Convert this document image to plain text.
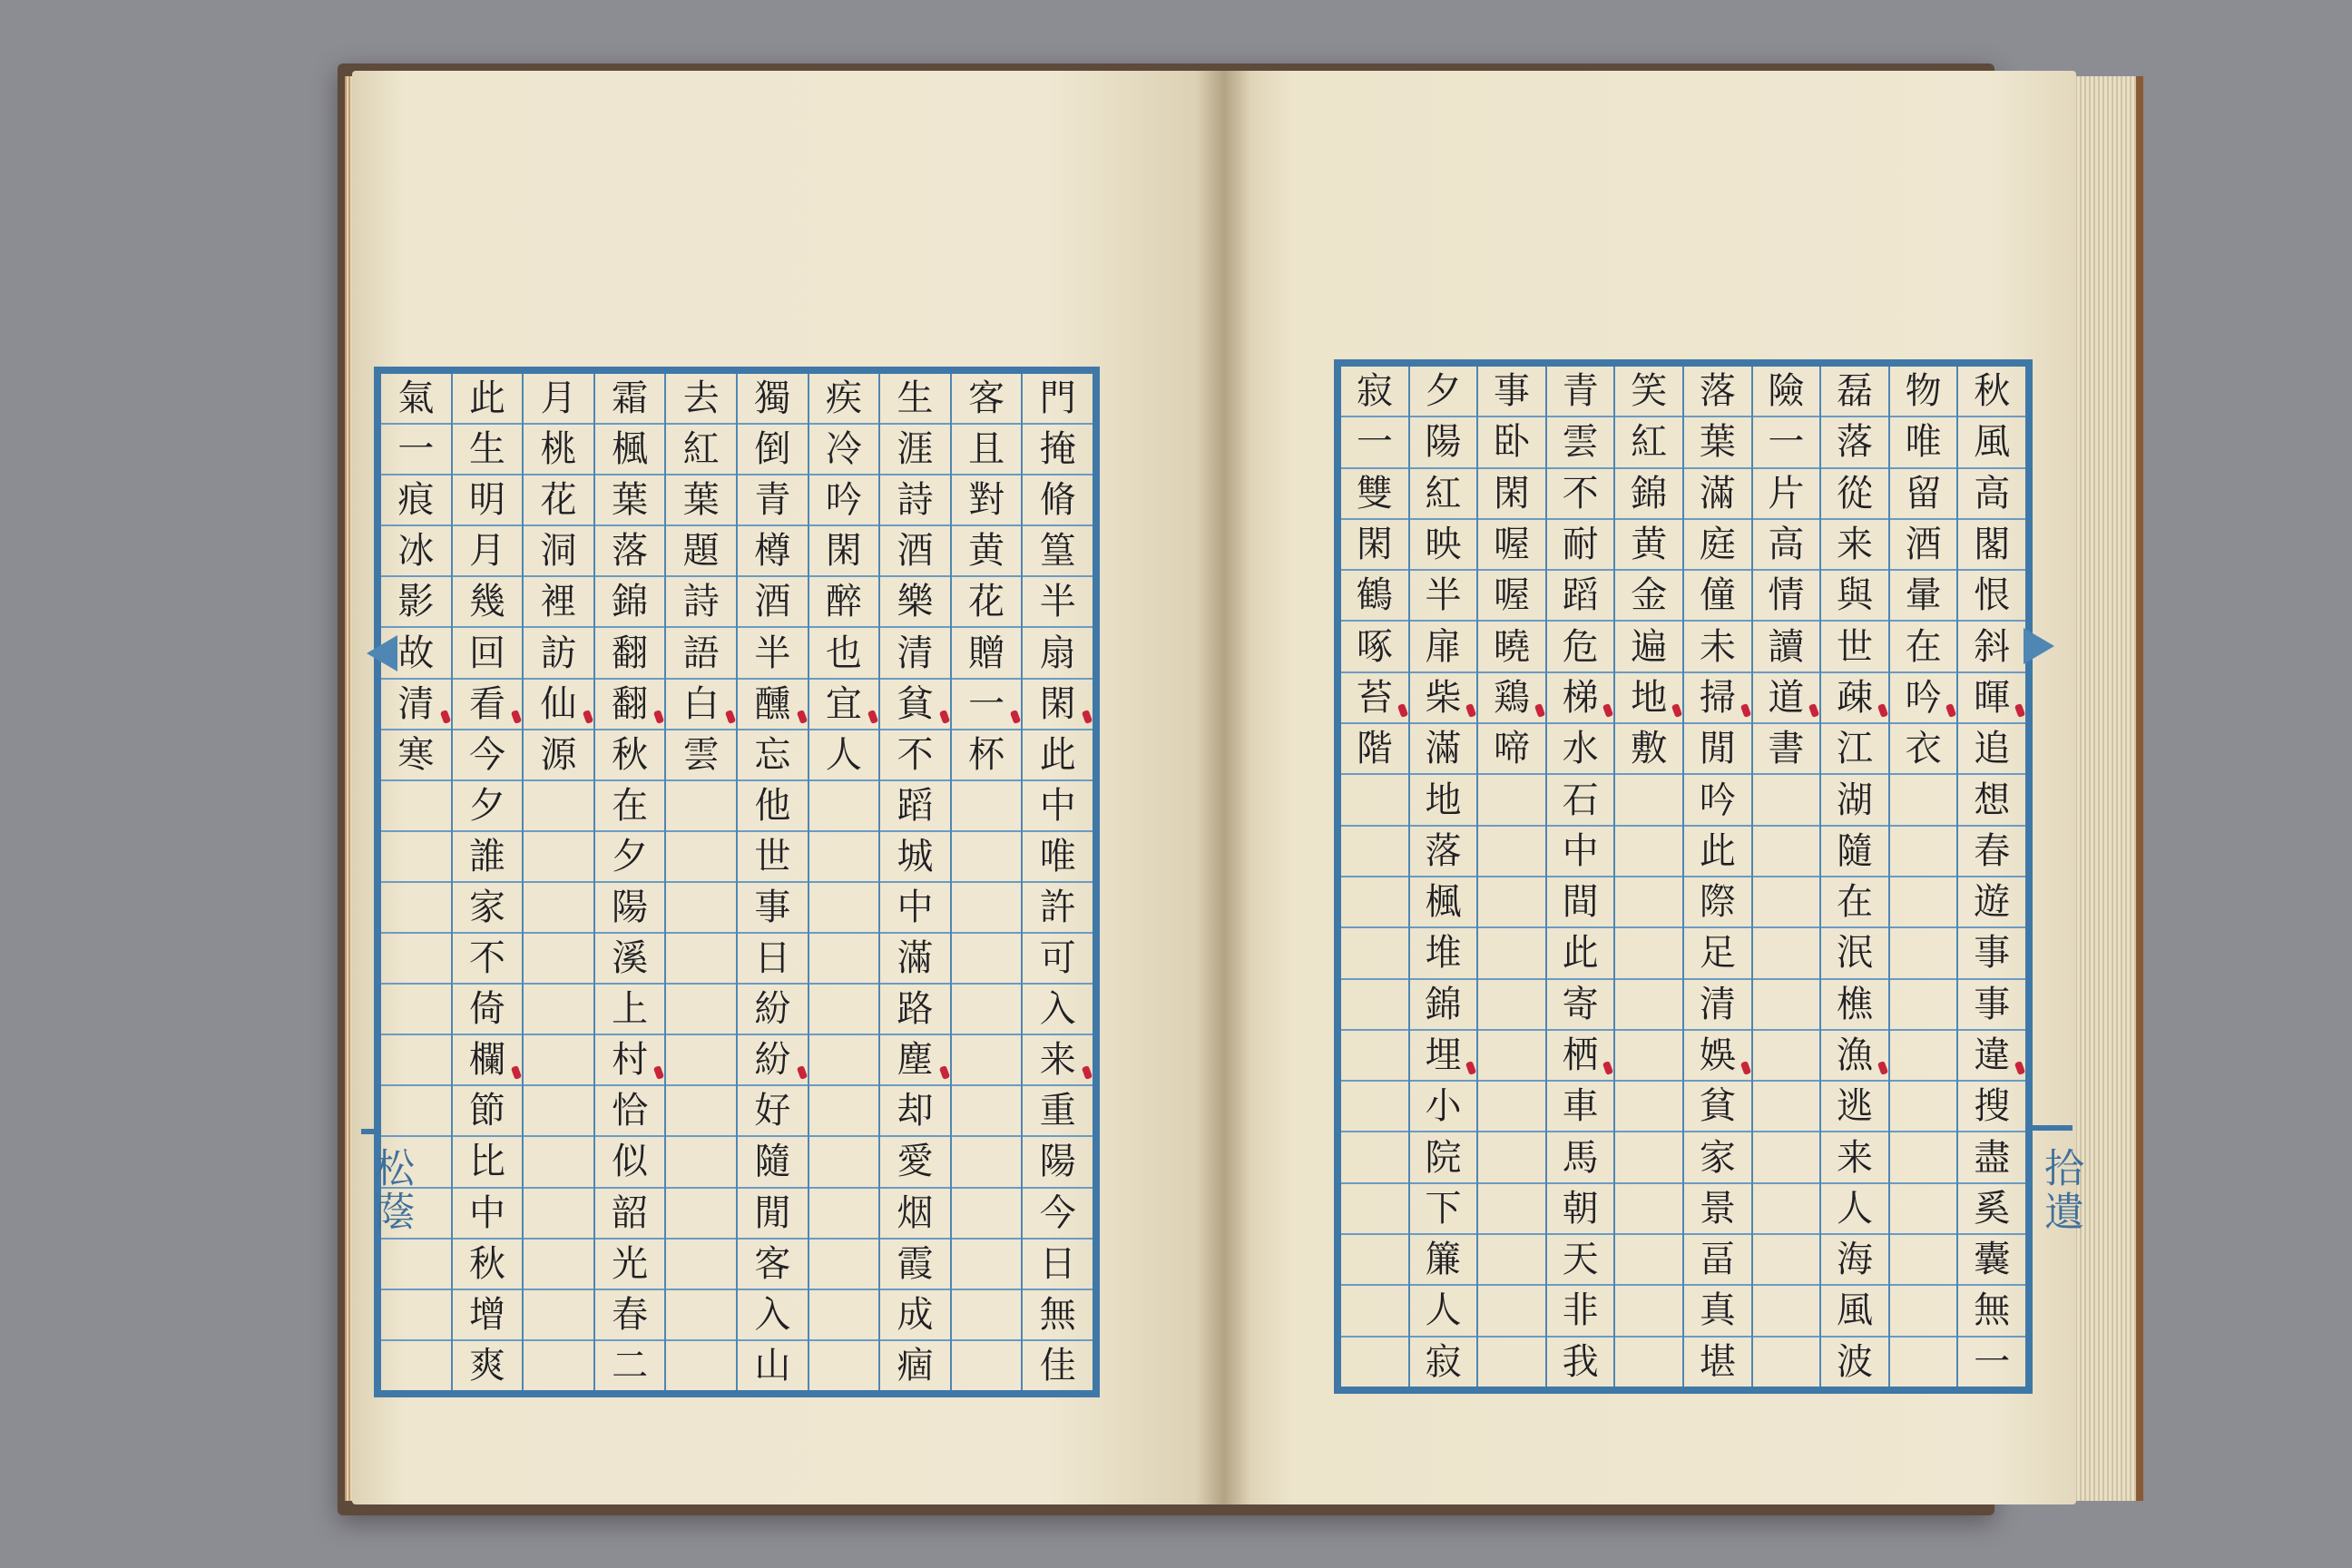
門
掩
脩
篁
半
扇
閑
此
中
唯
許
可
入
来
重
陽
今
日
無
佳
客
且
對
黄
花
贈
一
杯
生
涯
詩
酒
樂
清
貧
不
蹈
城
中
滿
路
塵
却
愛
烟
霞
成
痼
疾
冷
吟
閑
醉
也
宜
人
獨
倒
青
樽
酒
半
醺
忘
他
世
事
日
紛
紛
好
隨
閒
客
入
山
去
紅
葉
題
詩
語
白
雲
霜
楓
葉
落
錦
翻
翻
秋
在
夕
陽
溪
上
村
恰
似
韶
光
春
二
月
桃
花
洞
裡
訪
仙
源
此
生
明
月
幾
回
看
今
夕
誰
家
不
倚
欄
節
比
中
秋
增
爽
氣
一
痕
冰
影
故
清
寒
松蔭
秋
風
高
閣
恨
斜
暉
追
想
春
遊
事
事
違
搜
盡
奚
囊
無
一
物
唯
留
酒
暈
在
吟
衣
磊
落
從
来
與
世
疎
江
湖
隨
在
泯
樵
漁
逃
来
人
海
風
波
險
一
片
高
情
讀
道
書
落
葉
滿
庭
僮
未
掃
閒
吟
此
際
足
清
娛
貧
家
景
畐
真
堪
笑
紅
錦
黄
金
遍
地
敷
青
雲
不
耐
蹈
危
梯
水
石
中
間
此
寄
栖
車
馬
朝
天
非
我
事
卧
閑
喔
喔
曉
鶏
啼
夕
陽
紅
映
半
扉
柴
滿
地
落
楓
堆
錦
埋
小
院
下
簾
人
寂
寂
一
雙
閑
鶴
啄
苔
階
拾遺
